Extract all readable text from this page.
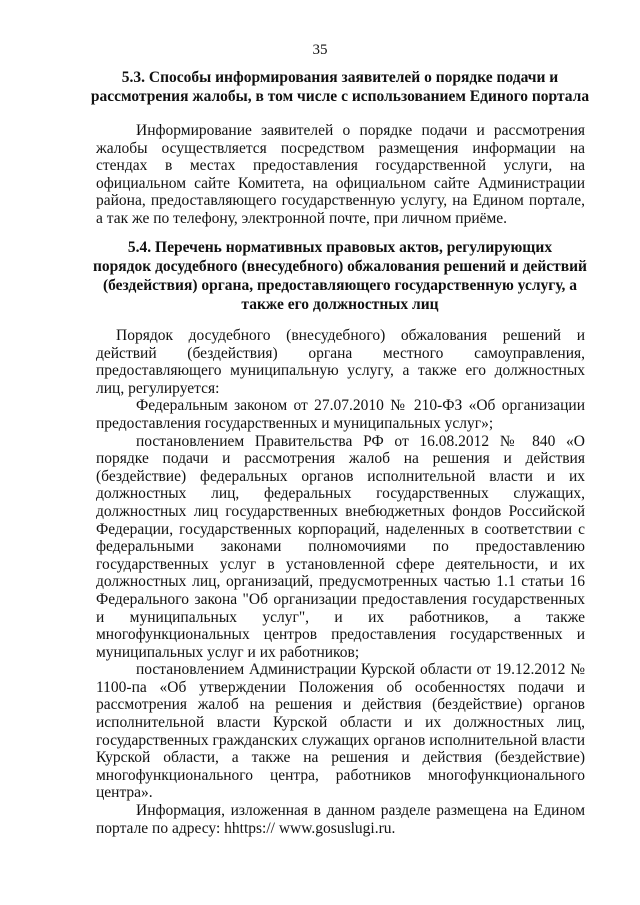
35
5.3. Способы информирования заявителей о порядке подачи и
рассмотрения жалобы, в том числе с использованием Единого портала

Информирование заявителей о порядке подачи и рассмотрения жалобы осуществляется посредством размещения информации на стендах в местах предоставления государственной услуги, на официальном сайте Комитета, на официальном сайте Администрации района, предоставляющего государственную услугу, на Едином портале, а так же по телефону, электронной почте, при личном приёме.

5.4. Перечень нормативных правовых актов, регулирующих
порядок досудебного (внесудебного) обжалования решений и действий
(бездействия) органа, предоставляющего государственную услугу, а
также его должностных лиц

Порядок досудебного (внесудебного) обжалования решений и действий (бездействия) органа местного самоуправления, предоставляющего муниципальную услугу, а также его должностных лиц, регулируется:

Федеральным законом от 27.07.2010 № 210-ФЗ «Об организации предоставления государственных и муниципальных услуг»;

постановлением Правительства РФ от 16.08.2012 № 840 «О порядке подачи и рассмотрения жалоб на решения и действия (бездействие) федеральных органов исполнительной власти и их должностных лиц, федеральных государственных служащих, должностных лиц государственных внебюджетных фондов Российской Федерации, государственных корпораций, наделенных в соответствии с федеральными законами полномочиями по предоставлению государственных услуг в установленной сфере деятельности, и их должностных лиц, организаций, предусмотренных частью 1.1 статьи 16 Федерального закона "Об организации предоставления государственных и муниципальных услуг", и их работников, а также многофункциональных центров предоставления государственных и муниципальных услуг и их работников;

постановлением Администрации Курской области от 19.12.2012 № 1100-па «Об утверждении Положения об особенностях подачи и рассмотрения жалоб на решения и действия (бездействие) органов исполнительной власти Курской области и их должностных лиц, государственных гражданских служащих органов исполнительной власти Курской области, а также на решения и действия (бездействие) многофункционального центра, работников многофункционального центра».

Информация, изложенная в данном разделе размещена на Едином портале по адресу: hhttps:// www.gosuslugi.ru.
